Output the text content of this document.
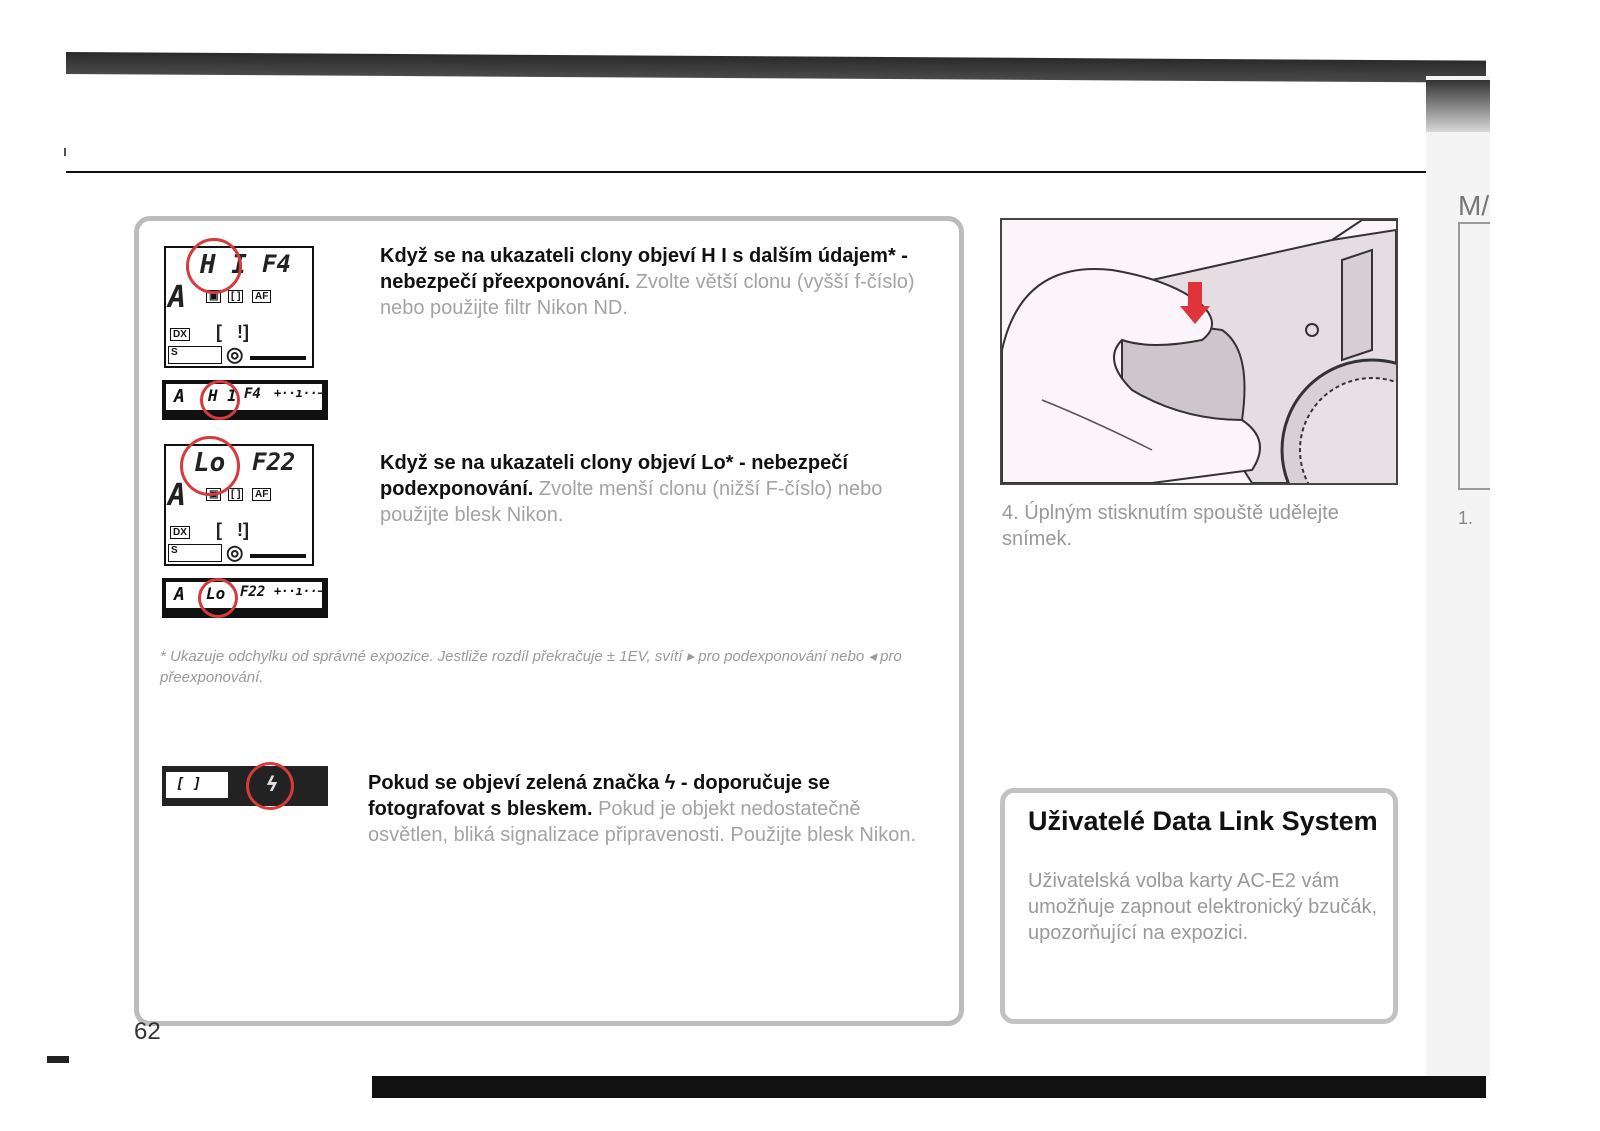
M/
1.
H I F4
A	▣	[ ]	AF
DX [   !]
S	◎
A H I F4 +··ı··−
Když se na ukazateli clony objeví H I s dalším údajem* - nebezpečí přeexponování. Zvolte větší clonu (vyšší f-číslo) nebo použijte filtr Nikon ND.
Lo F22
A	▣	[ ]	AF
DX [   !]
S	◎
A Lo F22 +··ı··−
Když se na ukazateli clony objeví Lo* - nebezpečí podexponování. Zvolte menší clonu (nižší F-číslo) nebo použijte blesk Nikon.
* Ukazuje odchylku od správné expozice. Jestliže rozdíl překračuje ± 1EV, svítí ▸ pro podexponování nebo ◂ pro přeexponování.
[ ]	ϟ	Pokud se objeví zelená značka ϟ - doporučuje se fotografovat s bleskem. Pokud je objekt nedostatečně osvětlen, bliká signalizace připravenosti. Použijte blesk Nikon.
62
4. Úplným stisknutím spouště udělejte snímek.
Uživatelé Data Link System
Uživatelská volba karty AC-E2 vám umožňuje zapnout elektronický bzučák, upozorňující na expozici.
